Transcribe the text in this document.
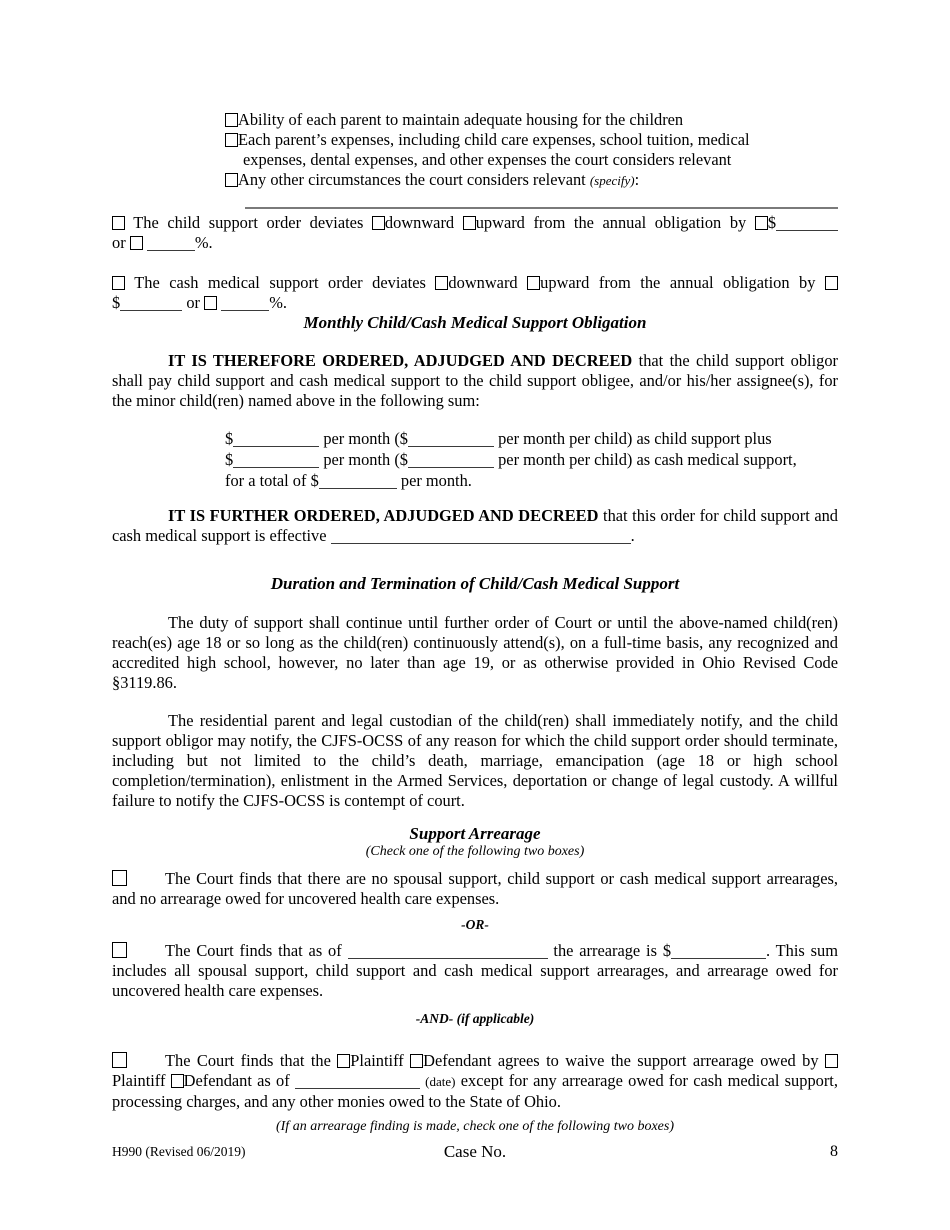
Ability of each parent to maintain adequate housing for the children
Each parent’s expenses, including child care expenses, school tuition, medical
expenses, dental expenses, and other expenses the court considers relevant
Any other circumstances the court considers relevant (specify):

The child support order deviates downward upward from the annual obligation by $

or	%.

The cash medical support order deviates downward upward from the annual obligation by

$	or	%.

Monthly Child/Cash Medical Support Obligation

IT IS THEREFORE ORDERED, ADJUDGED AND DECREED that the child support obligor shall pay child support and cash medical support to the child support obligee, and/or his/her assignee(s), for the minor child(ren) named above in the following sum:

$	per month ($	per month per child) as child support plus
$	per month ($	per month per child) as cash medical support,
for a total of $	per month.

IT IS FURTHER ORDERED, ADJUDGED AND DECREED that this order for child support and cash medical support is effective	.

Duration and Termination of Child/Cash Medical Support

The duty of support shall continue until further order of Court or until the above-named child(ren) reach(es) age 18 or so long as the child(ren) continuously attend(s), on a full-time basis, any recognized and accredited high school, however, no later than age 19, or as otherwise provided in Ohio Revised Code §3119.86.

The residential parent and legal custodian of the child(ren) shall immediately notify, and the child support obligor may notify, the CJFS-OCSS of any reason for which the child support order should terminate, including but not limited to the child’s death, marriage, emancipation (age 18 or high school completion/termination), enlistment in the Armed Services, deportation or change of legal custody. A willful failure to notify the CJFS-OCSS is contempt of court.

Support Arrearage

(Check one of the following two boxes)

The Court finds that there are no spousal support, child support or cash medical support arrearages, and no arrearage owed for uncovered health care expenses.

-OR-

The Court finds that as of	the arrearage is $	. This sum includes all spousal support, child support and cash medical support arrearages, and arrearage owed for uncovered health care expenses.

-AND- (if applicable)

The Court finds that the Plaintiff Defendant agrees to waive the support arrearage owed by Plaintiff Defendant as of	(date) except for any arrearage owed for cash medical support, processing charges, and any other monies owed to the State of Ohio.

(If an arrearage finding is made, check one of the following two boxes)

H990 (Revised 06/2019)	Case No.	8
